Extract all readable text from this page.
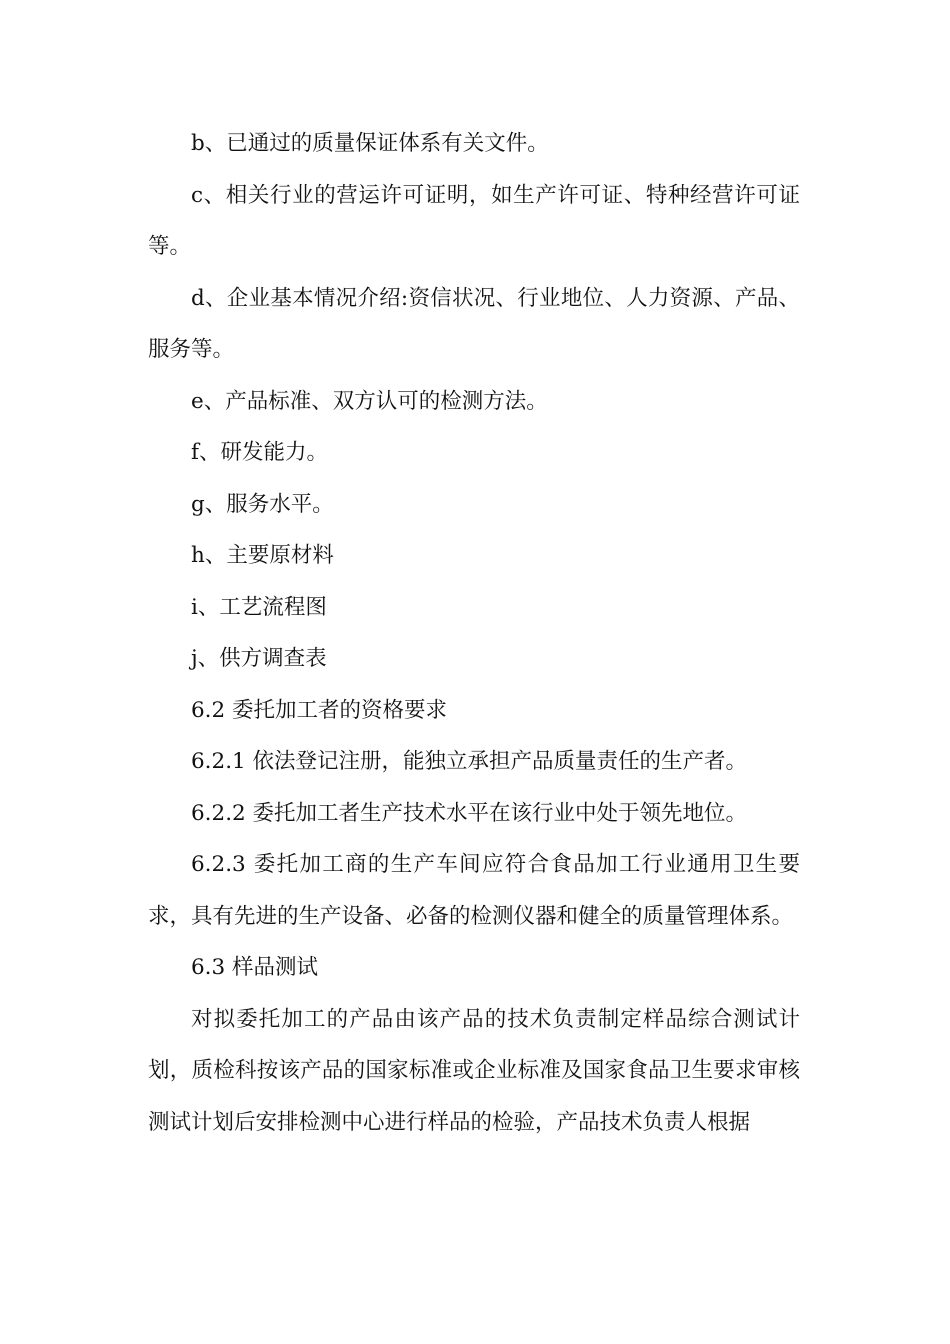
b、已通过的质量保证体系有关文件。

c、相关行业的营运许可证明，如生产许可证、特种经营许可证等。

d、企业基本情况介绍:资信状况、行业地位、人力资源、产品、服务等。

e、产品标准、双方认可的检测方法。

f、研发能力。

g、服务水平。

h、主要原材料

i、工艺流程图

j、供方调查表

6.2 委托加工者的资格要求

6.2.1 依法登记注册，能独立承担产品质量责任的生产者。

6.2.2 委托加工者生产技术水平在该行业中处于领先地位。

6.2.3 委托加工商的生产车间应符合食品加工行业通用卫生要求，具有先进的生产设备、必备的检测仪器和健全的质量管理体系。

6.3 样品测试

对拟委托加工的产品由该产品的技术负责制定样品综合测试计划，质检科按该产品的国家标准或企业标准及国家食品卫生要求审核测试计划后安排检测中心进行样品的检验，产品技术负责人根据
